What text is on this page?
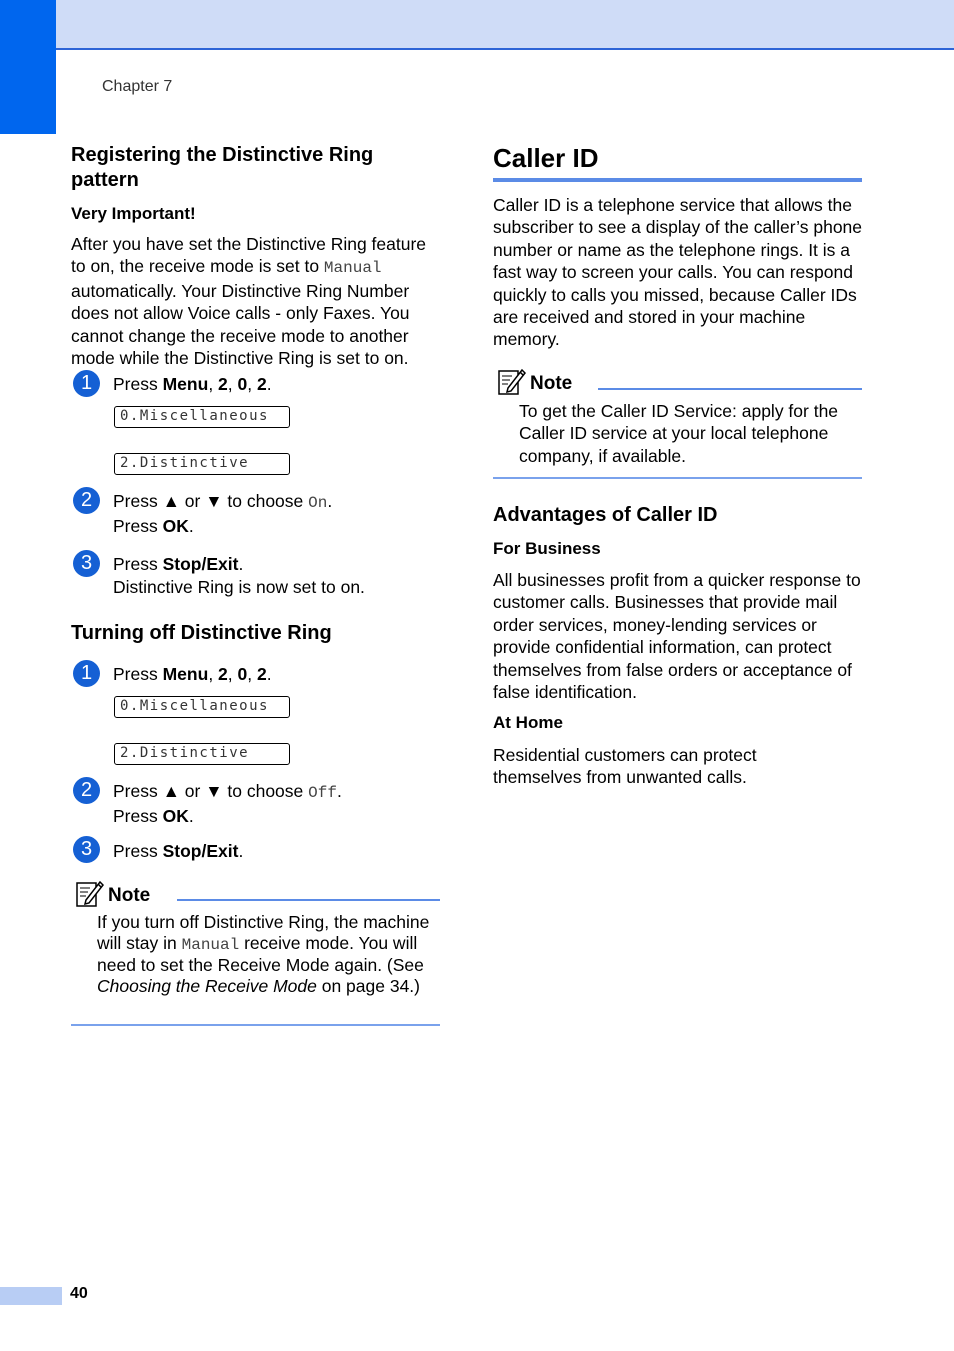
Chapter 7
Registering the Distinctive Ring pattern
Very Important!
After you have set the Distinctive Ring feature to on, the receive mode is set to Manual automatically. Your Distinctive Ring Number does not allow Voice calls - only Faxes. You cannot change the receive mode to another mode while the Distinctive Ring is set to on.
1	Press Menu, 2, 0, 2.
0.Miscellaneous
2.Distinctive
2	Press ▲ or ▼ to choose On.
Press OK.
3	Press Stop/Exit.
Distinctive Ring is now set to on.
Turning off Distinctive Ring
1	Press Menu, 2, 0, 2.
0.Miscellaneous
2.Distinctive
2	Press ▲ or ▼ to choose Off.
Press OK.
3	Press Stop/Exit.
Note
If you turn off Distinctive Ring, the machine will stay in Manual receive mode. You will need to set the Receive Mode again. (See Choosing the Receive Mode on page 34.)
Caller ID
Caller ID is a telephone service that allows the subscriber to see a display of the caller’s phone number or name as the telephone rings. It is a fast way to screen your calls. You can respond quickly to calls you missed, because Caller IDs are received and stored in your machine memory.
Note
To get the Caller ID Service: apply for the Caller ID service at your local telephone company, if available.
Advantages of Caller ID
For Business
All businesses profit from a quicker response to customer calls. Businesses that provide mail order services, money-lending services or provide confidential information, can protect themselves from false orders or acceptance of false identification.
At Home
Residential customers can protect themselves from unwanted calls.
40
